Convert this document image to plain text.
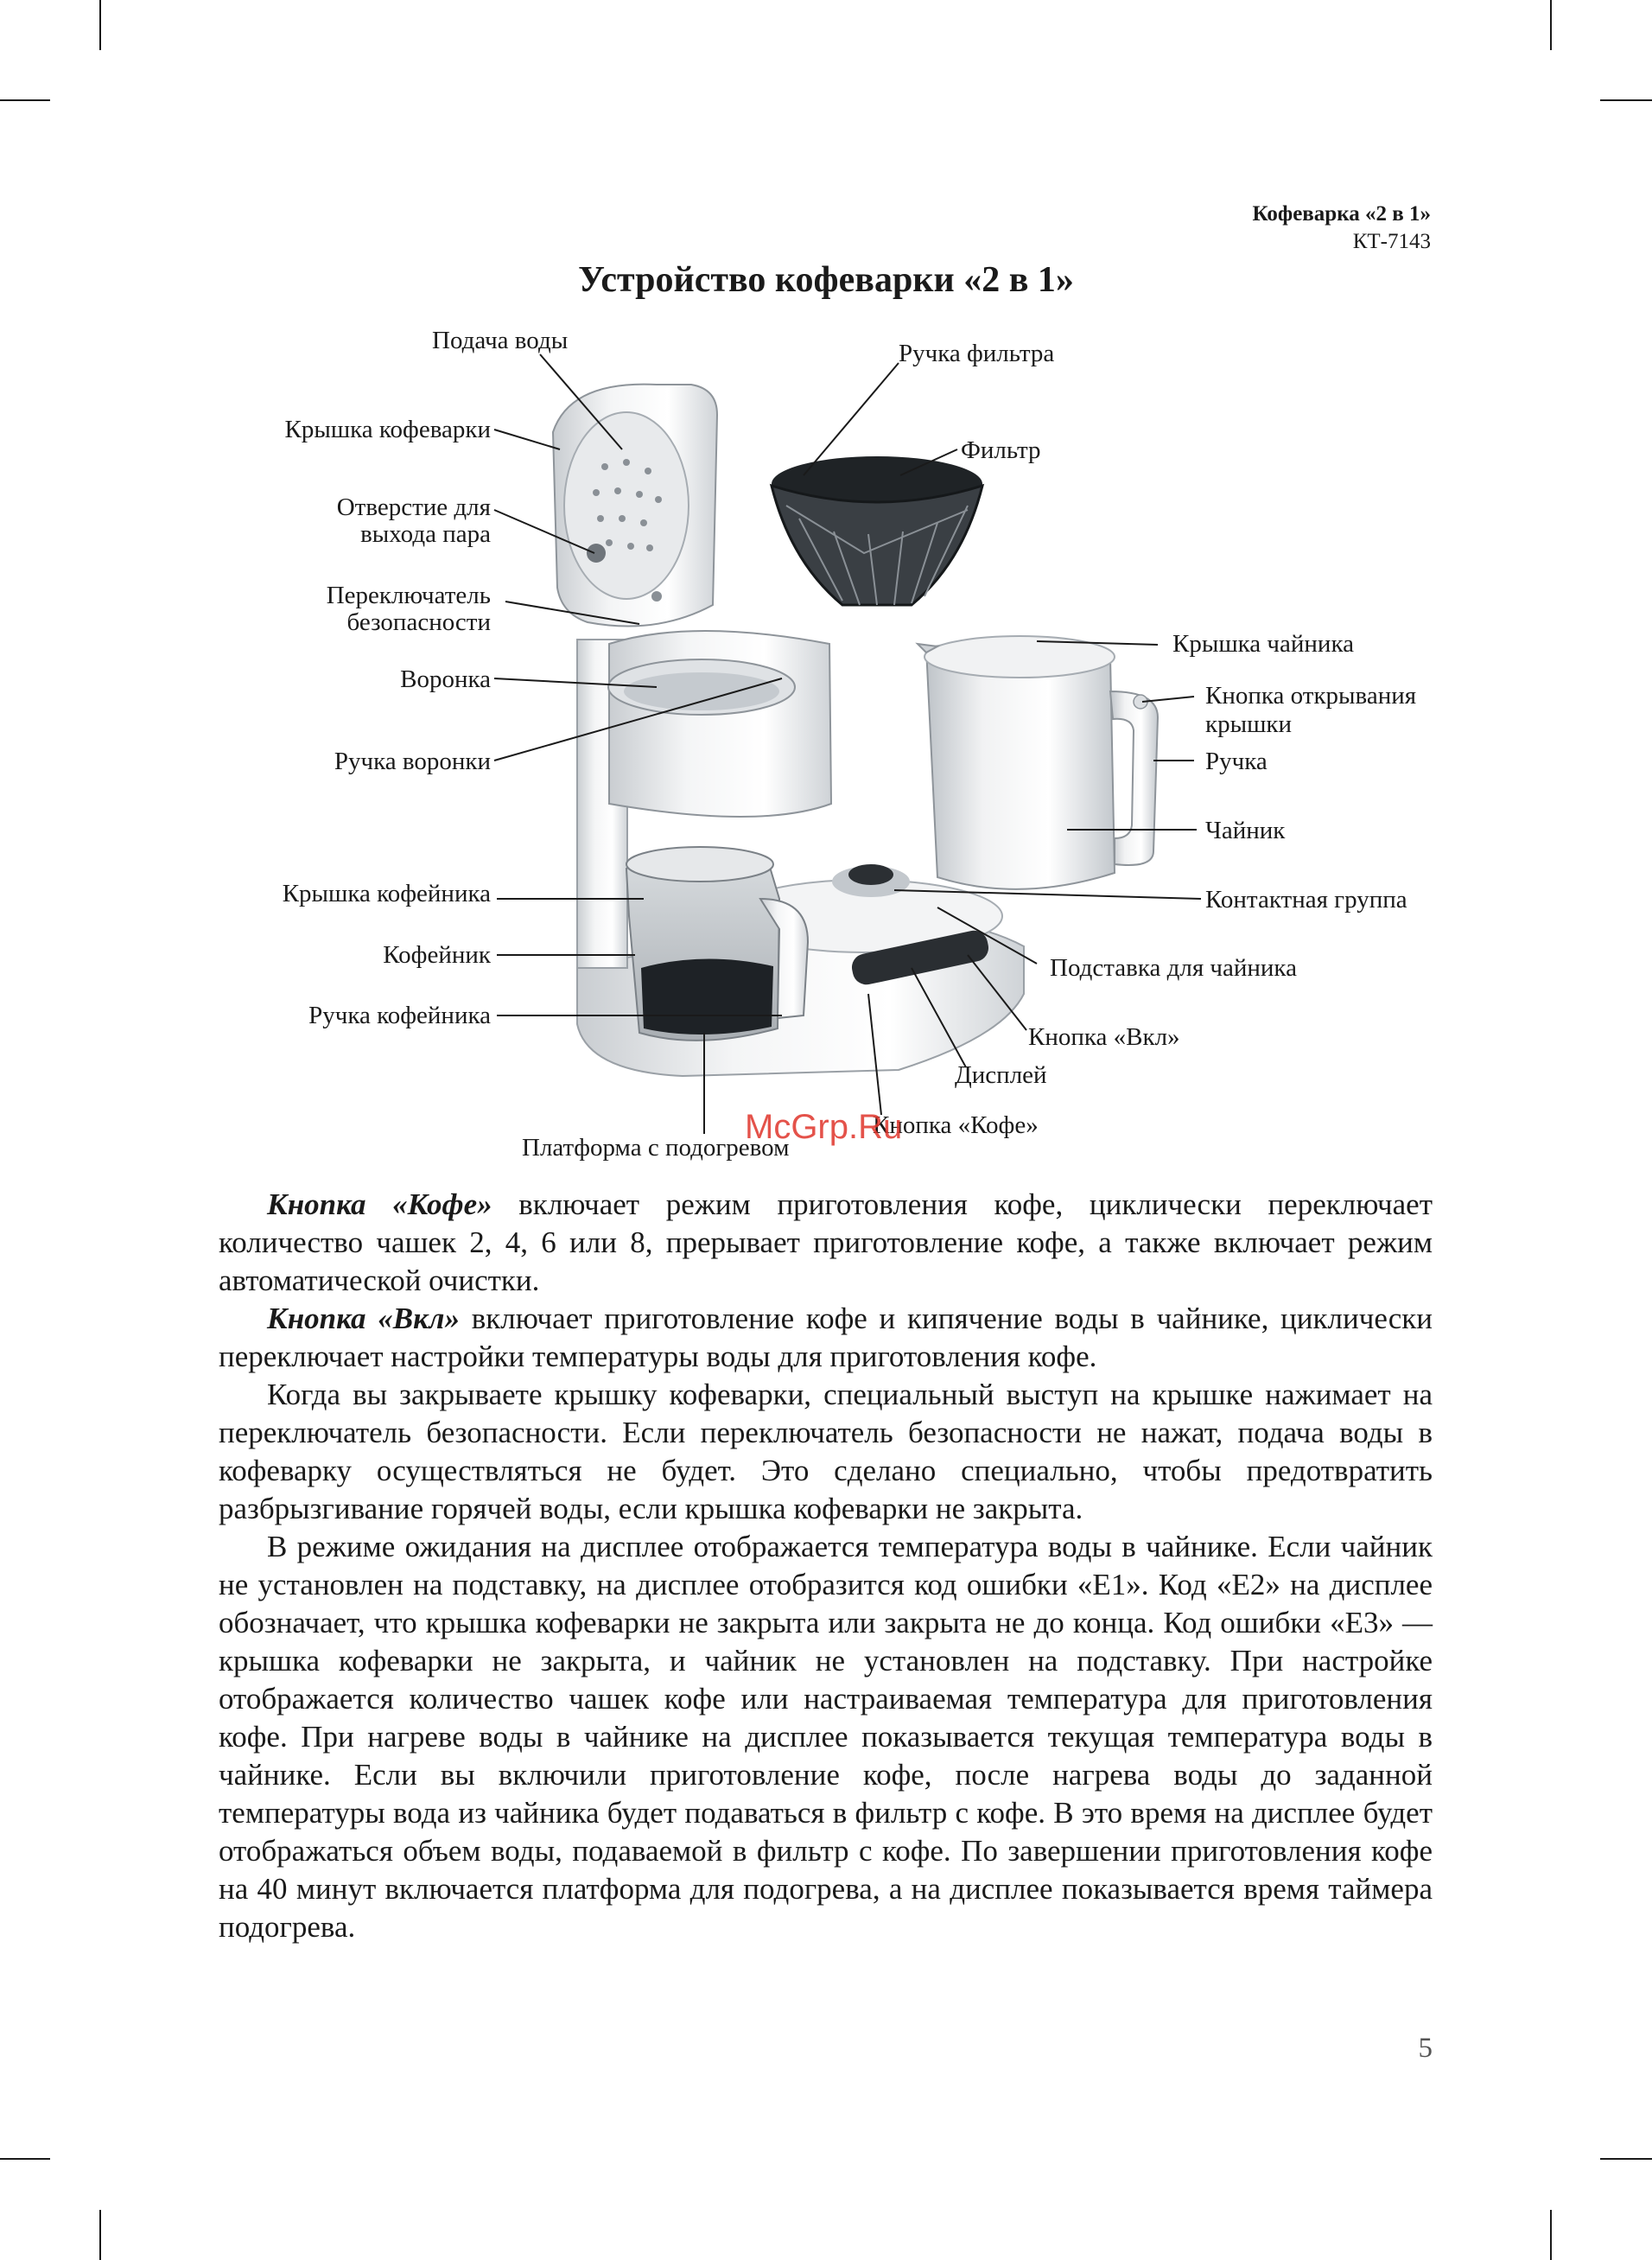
Кофеварка «2 в 1»
КТ-7143
Устройство кофеварки «2 в 1»
Подача воды	Ручка фильтра
Крышка кофеварки
Фильтр
Отверстие для
выхода пара
Переключатель
безопасности
Воронка
Ручка воронки
Крышка чайника
Кнопка открывания
крышки
Ручка
Чайник
Крышка кофейника	Контактная группа
Кофейник	Подставка для чайника
Ручка кофейника
Кнопка «Вкл»
Дисплей
Кнопка «Кофе»
Платформа с подогревом
McGrp.Ru

Кнопка «Кофе» включает режим приготовления кофе, циклически переключает количество чашек 2, 4, 6 или 8, прерывает приготовление кофе, а также включает режим автоматической очистки.

Кнопка «Вкл» включает приготовление кофе и кипячение воды в чайнике, циклически переключает настройки температуры воды для приготовления кофе.

Когда вы закрываете крышку кофеварки, специальный выступ на крышке нажимает на переключатель безопасности. Если переключатель безопасности не нажат, подача воды в кофеварку осуществляться не будет. Это сделано специально, чтобы предотвратить разбрызгивание горячей воды, если крышка кофеварки не закрыта.

В режиме ожидания на дисплее отображается температура воды в чайнике. Если чайник не установлен на подставку, на дисплее отобразится код ошибки «E1». Код «E2» на дисплее обозначает, что крышка кофеварки не закрыта или закрыта не до конца. Код ошибки «E3» — крышка кофеварки не закрыта, и чайник не установлен на подставку. При настройке отображается количество чашек кофе или настраиваемая температура для приготовления кофе. При нагреве воды в чайнике на дисплее показывается текущая температура воды в чайнике. Если вы включили приготовление кофе, после нагрева воды до заданной температуры вода из чайника будет подаваться в фильтр с кофе. В это время на дисплее будет отображаться объем воды, подаваемой в фильтр с кофе. По завершении приготовления кофе на 40 минут включается платформа для подогрева, а на дисплее показывается время таймера подогрева.

5
